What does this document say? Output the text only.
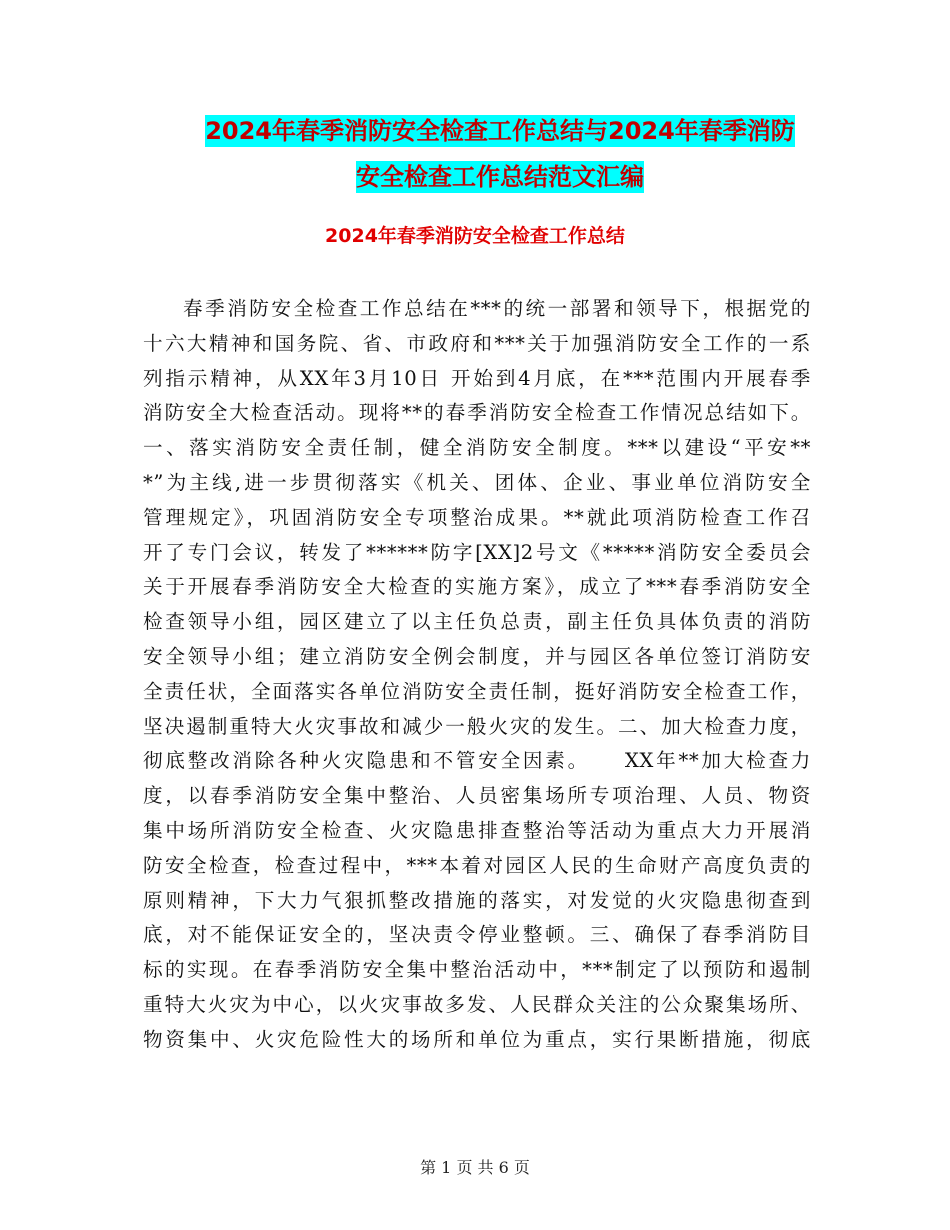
2024年春季消防安全检查工作总结与2024年春季消防
安全检查工作总结范文汇编
2024年春季消防安全检查工作总结
春季消防安全检查工作总结在***的统一部署和领导下，根据党的
十六大精神和国务院、省、市政府和***关于加强消防安全工作的一系
列指示精神，从XX年3月10日 开始到4月底，在***范围内开展春季
消防安全大检查活动。现将**的春季消防安全检查工作情况总结如下。
一、落实消防安全责任制，健全消防安全制度。***以建设“平安**
*”为主线,进一步贯彻落实《机关、团体、企业、事业单位消防安全
管理规定》，巩固消防安全专项整治成果。**就此项消防检查工作召
开了专门会议，转发了******防字[XX]2号文《*****消防安全委员会
关于开展春季消防安全大检查的实施方案》，成立了***春季消防安全
检查领导小组，园区建立了以主任负总责，副主任负具体负责的消防
安全领导小组；建立消防安全例会制度，并与园区各单位签订消防安
全责任状，全面落实各单位消防安全责任制，挺好消防安全检查工作，
坚决遏制重特大火灾事故和减少一般火灾的发生。二、加大检查力度，
彻底整改消除各种火灾隐患和不管安全因素。　　XX年**加大检查力
度，以春季消防安全集中整治、人员密集场所专项治理、人员、物资
集中场所消防安全检查、火灾隐患排查整治等活动为重点大力开展消
防安全检查，检查过程中，***本着对园区人民的生命财产高度负责的
原则精神，下大力气狠抓整改措施的落实，对发觉的火灾隐患彻查到
底，对不能保证安全的，坚决责令停业整顿。三、确保了春季消防目
标的实现。在春季消防安全集中整治活动中，***制定了以预防和遏制
重特大火灾为中心，以火灾事故多发、人民群众关注的公众聚集场所、
物资集中、火灾危险性大的场所和单位为重点，实行果断措施，彻底
第 1 页 共 6 页
